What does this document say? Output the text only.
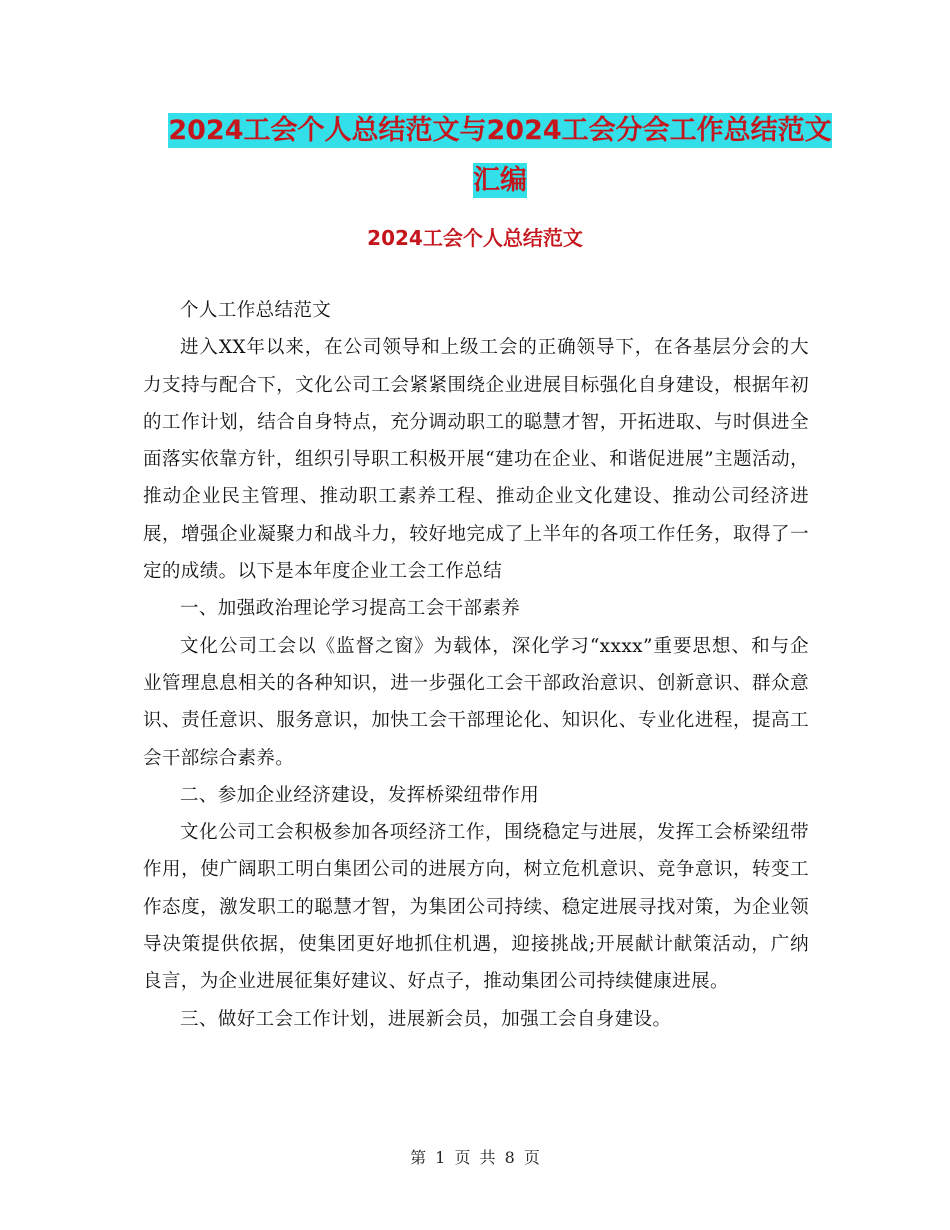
2024工会个人总结范文与2024工会分会工作总结范文
汇编
2024工会个人总结范文

个人工作总结范文

进入XX年以来，在公司领导和上级工会的正确领导下，在各基层分会的大力支持与配合下，文化公司工会紧紧围绕企业进展目标强化自身建设，根据年初的工作计划，结合自身特点，充分调动职工的聪慧才智，开拓进取、与时俱进全面落实依靠方针，组织引导职工积极开展“建功在企业、和谐促进展”主题活动，推动企业民主管理、推动职工素养工程、推动企业文化建设、推动公司经济进展，增强企业凝聚力和战斗力，较好地完成了上半年的各项工作任务，取得了一定的成绩。以下是本年度企业工会工作总结

一、加强政治理论学习提高工会干部素养

文化公司工会以《监督之窗》为载体，深化学习“xxxx”重要思想、和与企业管理息息相关的各种知识，进一步强化工会干部政治意识、创新意识、群众意识、责任意识、服务意识，加快工会干部理论化、知识化、专业化进程，提高工会干部综合素养。

二、参加企业经济建设，发挥桥梁纽带作用

文化公司工会积极参加各项经济工作，围绕稳定与进展，发挥工会桥梁纽带作用，使广阔职工明白集团公司的进展方向，树立危机意识、竞争意识，转变工作态度，激发职工的聪慧才智，为集团公司持续、稳定进展寻找对策，为企业领导决策提供依据，使集团更好地抓住机遇，迎接挑战;开展献计献策活动，广纳良言，为企业进展征集好建议、好点子，推动集团公司持续健康进展。

三、做好工会工作计划，进展新会员，加强工会自身建设。

第 1 页 共 8 页
